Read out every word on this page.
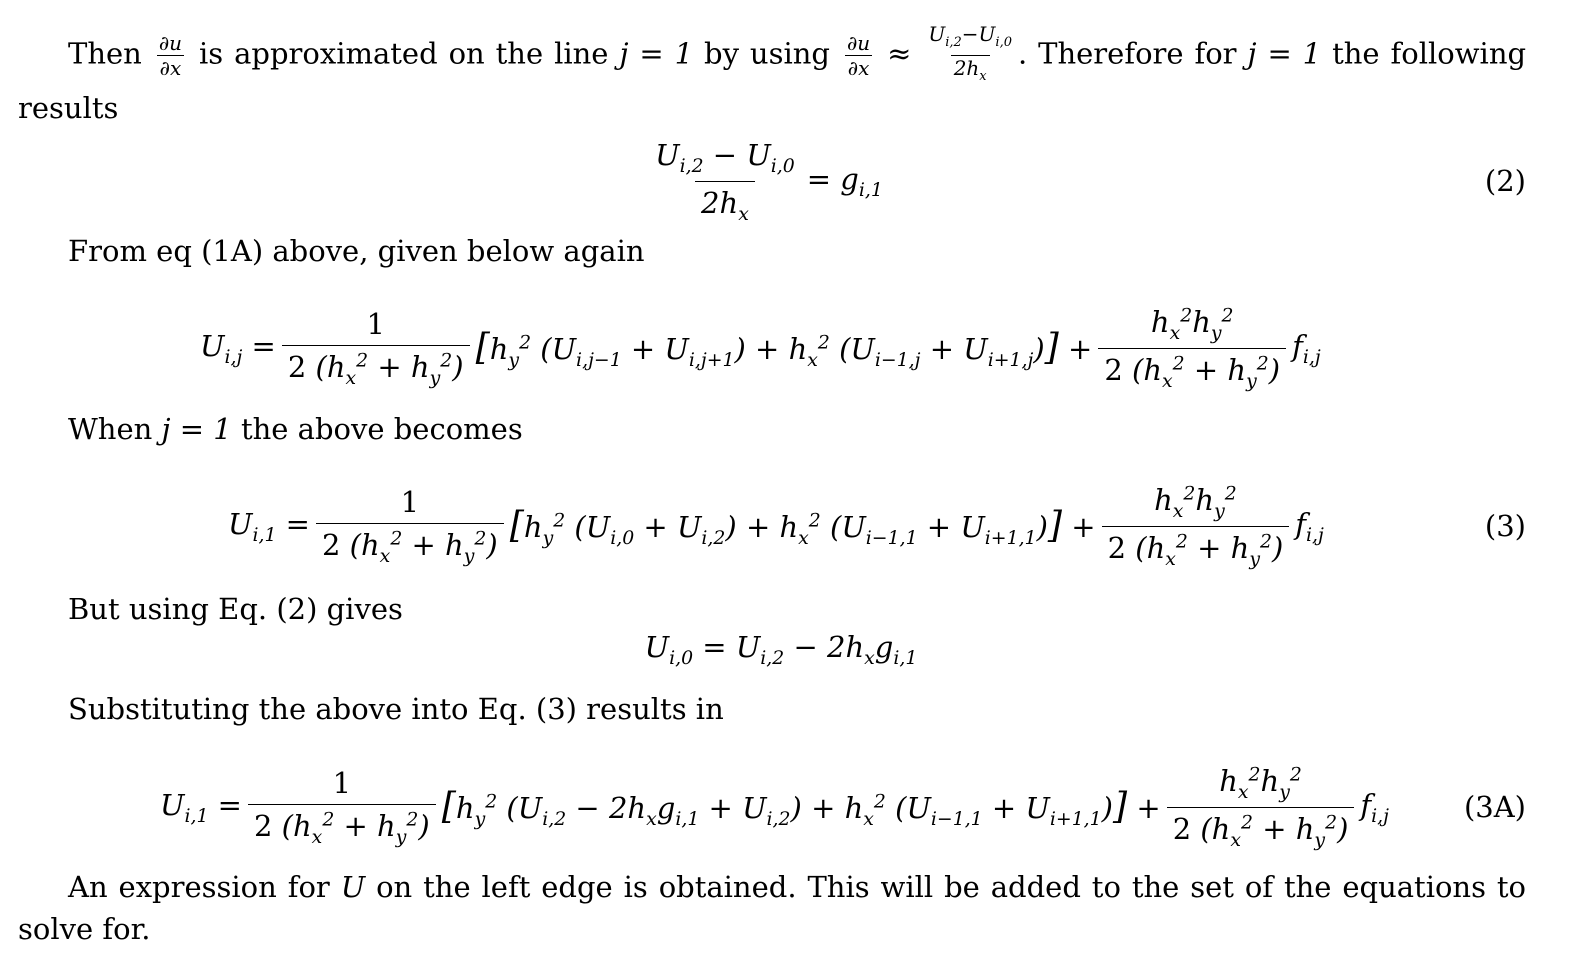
Then $\frac{\partial u}{\partial x}$ is approximated on the line j = 1 by using $\frac{\partial u}{\partial x} \approx \frac{U_{i,2}-U_{i,0}}{2h_x}$ . Therefore for j = 1 the following results
$\frac{U_{i,2} - U_{i,0}}{2h_x} = g_{i,1}$	(2)
From eq (1A) above, given below again
$U_{i,j} = \frac{1}{2 (h_x^2 + h_y^2)} [h_y^2$ $(U_{i,j-1} + U_{i,j+1}) + h_x^2$ $(U_{i-1,j} + U_{i+1,j})] + \frac{h_x^2h_y^2}{2 (h_x^2 + h_y^2)} f_{i,j}$
When j = 1 the above becomes
$U_{i,1} = \frac{1}{2 (h_x^2 + h_y^2)} [h_y^2$ $(U_{i,0} + U_{i,2}) + h_x^2$ $(U_{i-1,1} + U_{i+1,1})] + \frac{h_x^2h_y^2}{2 (h_x^2 + h_y^2)} f_{i,j}$	(3)
But using Eq. (2) gives
$U_{i,0} = U_{i,2} - 2h_xg_{i,1}$
Substituting the above into Eq. (3) results in
$U_{i,1} = \frac{1}{2 (h_x^2 + h_y^2)} [h_y^2$ $(U_{i,2} - 2h_xg_{i,1} + U_{i,2}) + h_x^2$ $(U_{i-1,1} + U_{i+1,1})] + \frac{h_x^2h_y^2}{2 (h_x^2 + h_y^2)} f_{i,j}$	(3A)
An expression for U on the left edge is obtained. This will be added to the set of the equations to solve for.
